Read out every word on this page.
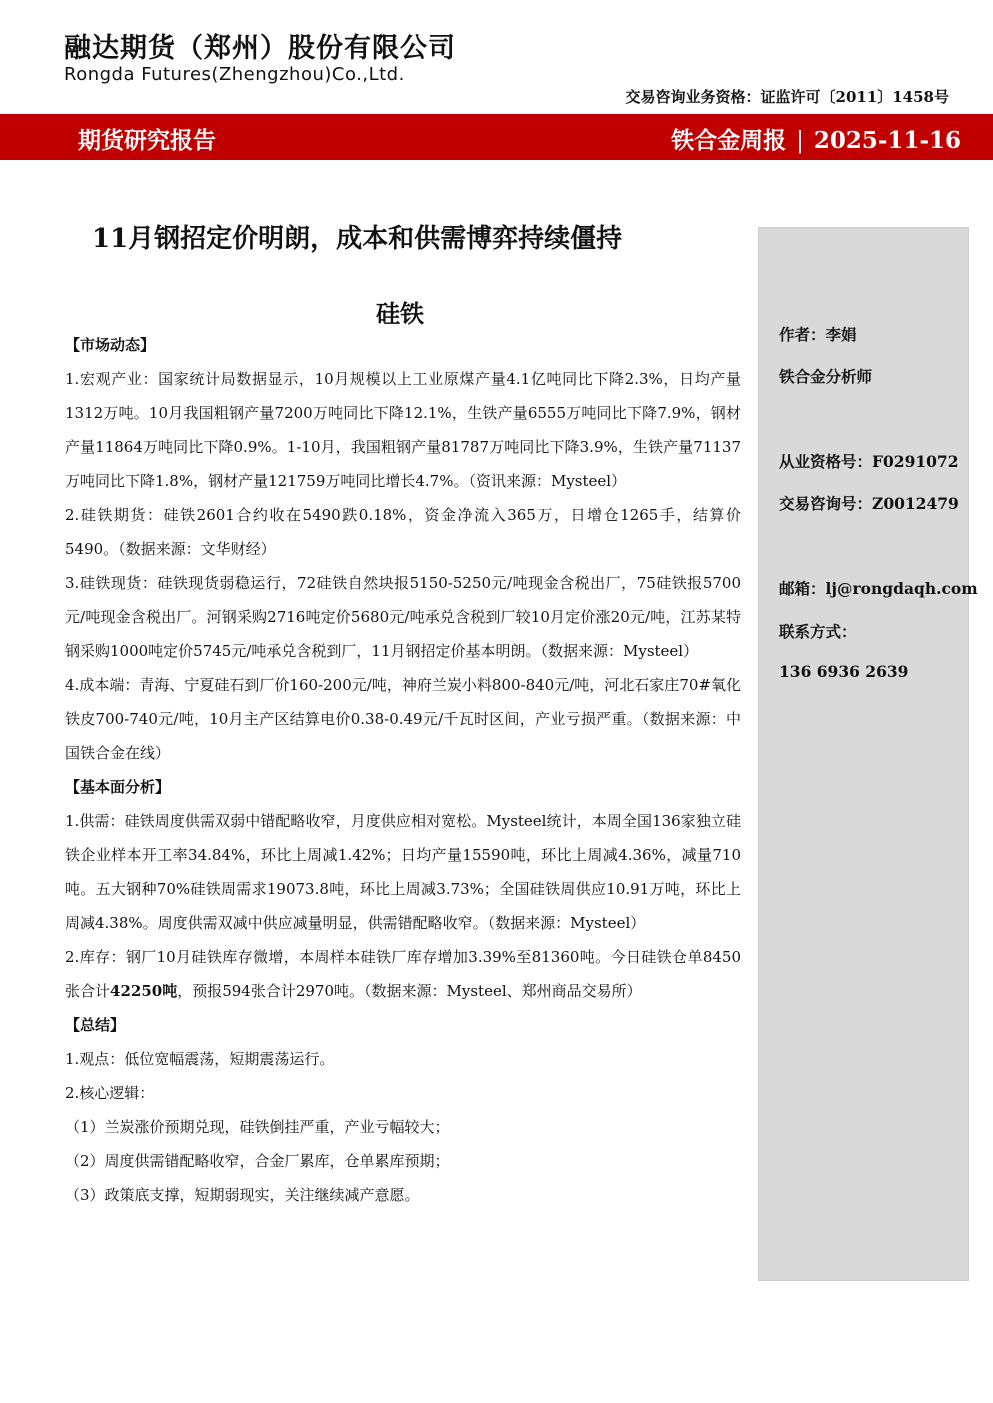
融达期货（郑州）股份有限公司
Rongda Futures(Zhengzhou)Co.,Ltd.
交易咨询业务资格：证监许可〔2011〕1458号
期货研究报告	铁合金周报 | 2025-11-16
11月钢招定价明朗，成本和供需博弈持续僵持
硅铁
作者：李娟
铁合金分析师
从业资格号：F0291072
交易咨询号：Z0012479
邮箱：lj@rongdaqh.com
联系方式：
136 6936 2639

【市场动态】

1.宏观产业：国家统计局数据显示，10月规模以上工业原煤产量4.1亿吨同比下降2.3%，日均产量1312万吨。10月我国粗钢产量7200万吨同比下降12.1%，生铁产量6555万吨同比下降7.9%，钢材产量11864万吨同比下降0.9%。1-10月，我国粗钢产量81787万吨同比下降3.9%，生铁产量71137万吨同比下降1.8%，钢材产量121759万吨同比增长4.7%。（资讯来源：Mysteel）

2.硅铁期货：硅铁2601合约收在5490跌0.18%，资金净流入365万，日增仓1265手，结算价5490。（数据来源：文华财经）

3.硅铁现货：硅铁现货弱稳运行，72硅铁自然块报5150-5250元/吨现金含税出厂，75硅铁报5700元/吨现金含税出厂。河钢采购2716吨定价5680元/吨承兑含税到厂较10月定价涨20元/吨，江苏某特钢采购1000吨定价5745元/吨承兑含税到厂，11月钢招定价基本明朗。（数据来源：Mysteel）

4.成本端：青海、宁夏硅石到厂价160-200元/吨，神府兰炭小料800-840元/吨，河北石家庄70#氧化铁皮700-740元/吨，10月主产区结算电价0.38-0.49元/千瓦时区间，产业亏损严重。（数据来源：中国铁合金在线）

【基本面分析】

1.供需：硅铁周度供需双弱中错配略收窄，月度供应相对宽松。Mysteel统计，本周全国136家独立硅铁企业样本开工率34.84%，环比上周减1.42%；日均产量15590吨，环比上周减4.36%，减量710吨。五大钢种70%硅铁周需求19073.8吨，环比上周减3.73%；全国硅铁周供应10.91万吨，环比上周减4.38%。周度供需双减中供应减量明显，供需错配略收窄。（数据来源：Mysteel）

2.库存：钢厂10月硅铁库存微增，本周样本硅铁厂库存增加3.39%至81360吨。今日硅铁仓单8450张合计42250吨，预报594张合计2970吨。（数据来源：Mysteel、郑州商品交易所）

【总结】

1.观点：低位宽幅震荡，短期震荡运行。

2.核心逻辑：

（1）兰炭涨价预期兑现，硅铁倒挂严重，产业亏幅较大；

（2）周度供需错配略收窄，合金厂累库，仓单累库预期；

（3）政策底支撑，短期弱现实，关注继续减产意愿。
